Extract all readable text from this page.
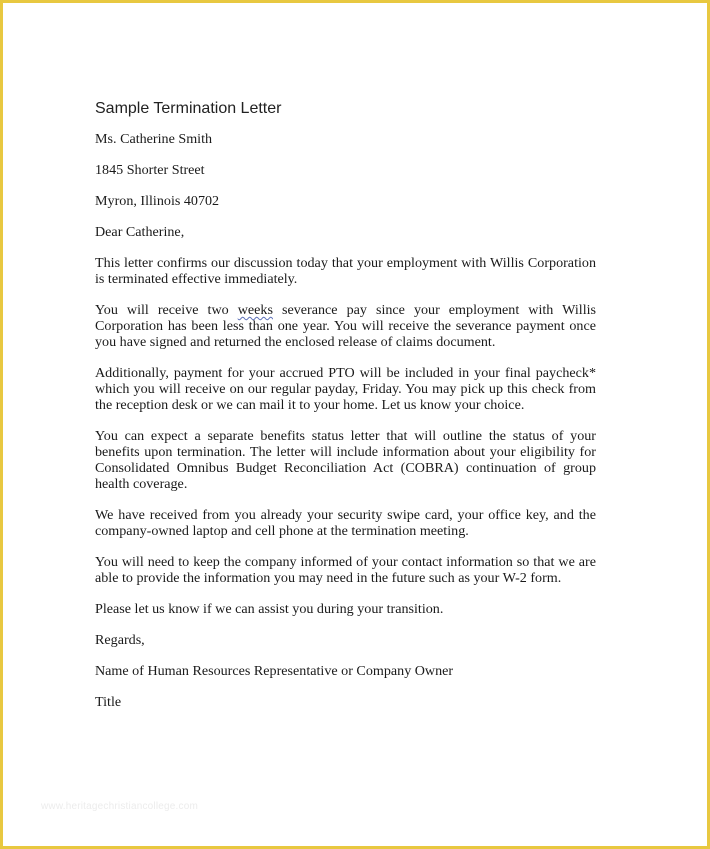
Sample Termination Letter

Ms. Catherine Smith

1845 Shorter Street

Myron, Illinois 40702

Dear Catherine,

This letter confirms our discussion today that your employment with Willis Corporation is terminated effective immediately.

You will receive two weeks severance pay since your employment with Willis Corporation has been less than one year. You will receive the severance payment once you have signed and returned the enclosed release of claims document.

Additionally, payment for your accrued PTO will be included in your final paycheck* which you will receive on our regular payday, Friday. You may pick up this check from the reception desk or we can mail it to your home. Let us know your choice.

You can expect a separate benefits status letter that will outline the status of your benefits upon termination. The letter will include information about your eligibility for Consolidated Omnibus Budget Reconciliation Act (COBRA) continuation of group health coverage.

We have received from you already your security swipe card, your office key, and the company-owned laptop and cell phone at the termination meeting.

You will need to keep the company informed of your contact information so that we are able to provide the information you may need in the future such as your W-2 form.

Please let us know if we can assist you during your transition.

Regards,

Name of Human Resources Representative or Company Owner

Title

www.heritagechristiancollege.com
